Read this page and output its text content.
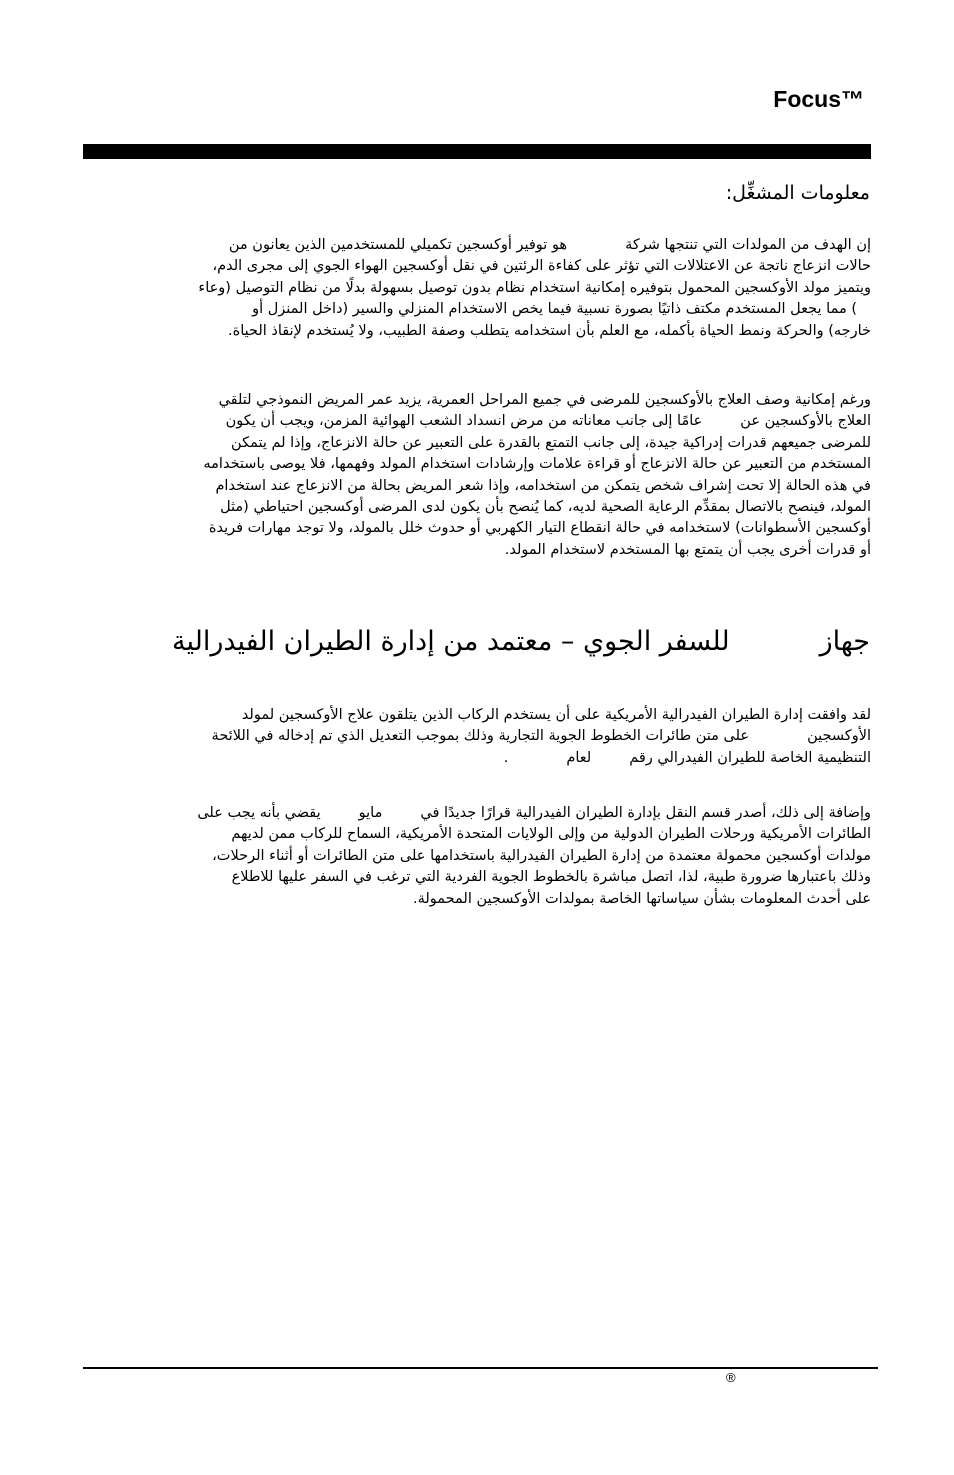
Focus™
معلومات المشغِّل:
إن الهدف من المولدات التي تنتجها شركةهو توفير أوكسجين تكميلي للمستخدمين الذين يعانون من
حالات انزعاج ناتجة عن الاعتلالات التي تؤثر على كفاءة الرئتين في نقل أوكسجين الهواء الجوي إلى مجرى الدم،
ويتميز مولد الأوكسجين المحمول بتوفيره إمكانية استخدام نظام بدون توصيل بسهولة بدلًا من نظام التوصيل (وعاء
) مما يجعل المستخدم مكتف ذاتيًا بصورة نسبية فيما يخص الاستخدام المنزلي والسير (داخل المنزل أو
خارجه) والحركة ونمط الحياة بأكمله، مع العلم بأن استخدامه يتطلب وصفة الطبيب، ولا يُستخدم لإنقاذ الحياة.
ورغم إمكانية وصف العلاج بالأوكسجين للمرضى في جميع المراحل العمرية، يزيد عمر المريض النموذجي لتلقي
العلاج بالأوكسجين عنعامًا إلى جانب معاناته من مرض انسداد الشعب الهوائية المزمن، ويجب أن يكون
للمرضى جميعهم قدرات إدراكية جيدة، إلى جانب التمتع بالقدرة على التعبير عن حالة الانزعاج، وإذا لم يتمكن
المستخدم من التعبير عن حالة الانزعاج أو قراءة علامات وإرشادات استخدام المولد وفهمها، فلا يوصى باستخدامه
في هذه الحالة إلا تحت إشراف شخص يتمكن من استخدامه، وإذا شعر المريض بحالة من الانزعاج عند استخدام
المولد، فينصح بالاتصال بمقدِّم الرعاية الصحية لديه، كما يُنصح بأن يكون لدى المرضى أوكسجين احتياطي (مثل
أوكسجين الأسطوانات) لاستخدامه في حالة انقطاع التيار الكهربي أو حدوث خلل بالمولد، ولا توجد مهارات فريدة
أو قدرات أخرى يجب أن يتمتع بها المستخدم لاستخدام المولد.
جهازللسفر الجوي – معتمد من إدارة الطيران الفيدرالية
لقد وافقت إدارة الطيران الفيدرالية الأمريكية على أن يستخدم الركاب الذين يتلقون علاج الأوكسجين لمولد
الأوكسجينعلى متن طائرات الخطوط الجوية التجارية وذلك بموجب التعديل الذي تم إدخاله في اللائحة
التنظيمية الخاصة للطيران الفيدرالي رقملعام.
وإضافة إلى ذلك، أصدر قسم النقل بإدارة الطيران الفيدرالية قرارًا جديدًا فيمايويقضي بأنه يجب على
الطائرات الأمريكية ورحلات الطيران الدولية من وإلى الولايات المتحدة الأمريكية، السماح للركاب ممن لديهم
مولدات أوكسجين محمولة معتمدة من إدارة الطيران الفيدرالية باستخدامها على متن الطائرات أو أثناء الرحلات،
وذلك باعتبارها ضرورة طبية، لذا، اتصل مباشرة بالخطوط الجوية الفردية التي ترغب في السفر عليها للاطلاع
على أحدث المعلومات بشأن سياساتها الخاصة بمولدات الأوكسجين المحمولة.
®
